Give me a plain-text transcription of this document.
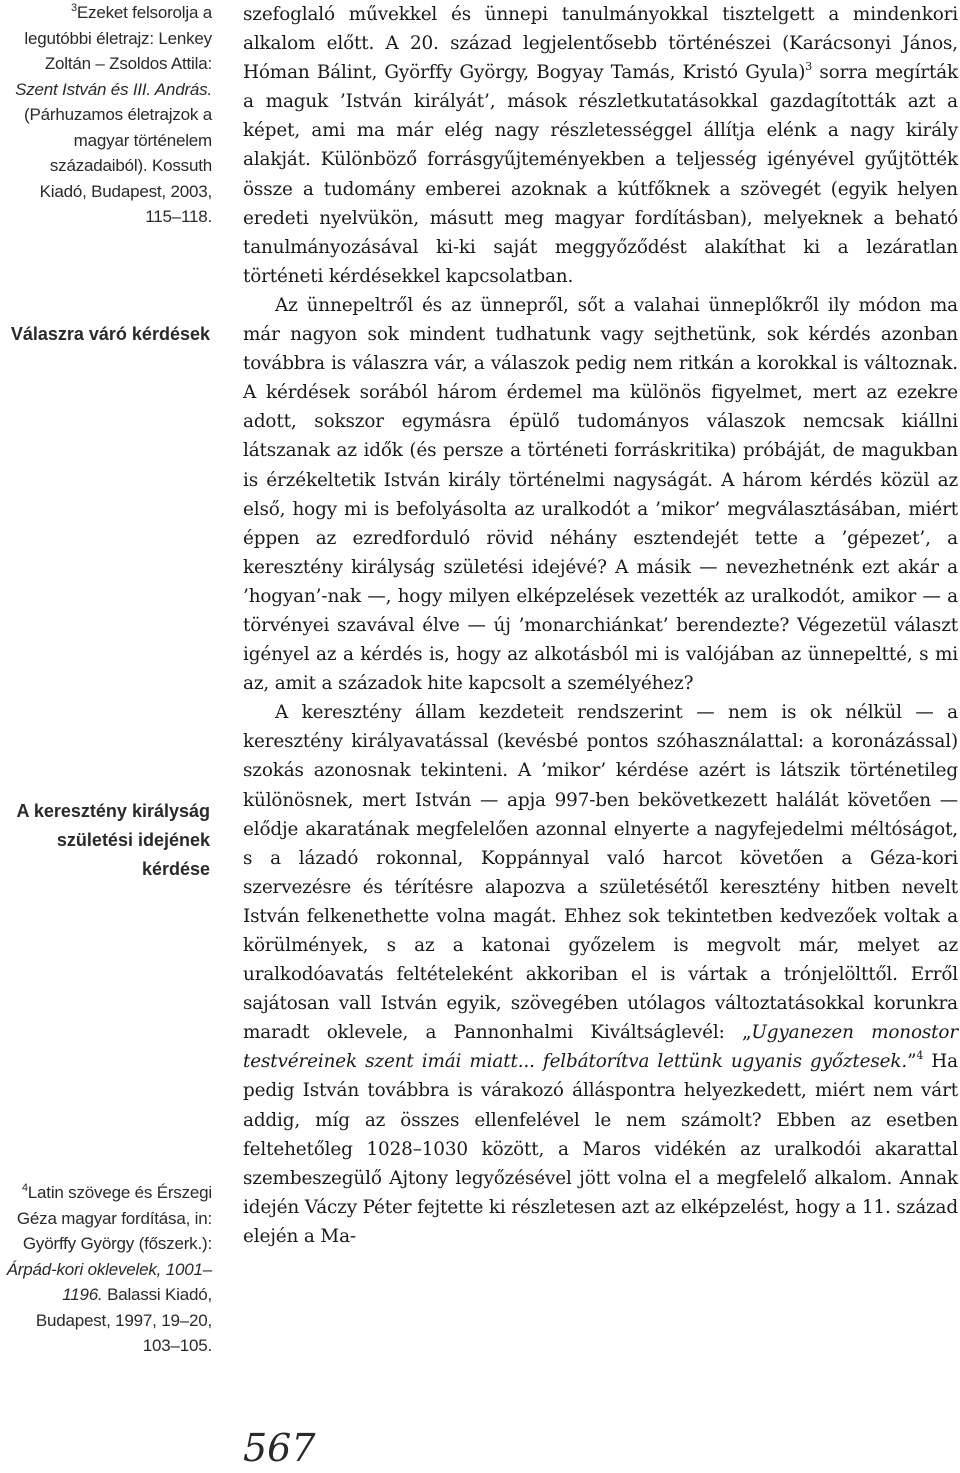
$^3$Ezeket felsorolja a legutóbbi életrajz: Lenkey Zoltán – Zsoldos Attila: Szent István és III. András. (Párhuzamos életrajzok a magyar történelem századaiból). Kossuth Kiadó, Budapest, 2003, 115–118.
Válaszra váró kérdések
A keresztény királyság születési idejének kérdése
$^4$Latin szövege és Érszegi Géza magyar fordítása, in: Györffy György (főszerk.): Árpád-kori oklevelek, 1001–1196. Balassi Kiadó, Budapest, 1997, 19–20, 103–105.

szefoglaló művekkel és ünnepi tanulmányokkal tisztelgett a mindenkori alkalom előtt. A 20. század legjelentősebb történészei (Karácsonyi János, Hóman Bálint, Györffy György, Bogyay Tamás, Kristó Gyula)$^3$ sorra megírták a maguk ’István királyát’, mások részletkutatásokkal gazdagították azt a képet, ami ma már elég nagy részletességgel állítja elénk a nagy király alakját. Különböző forrásgyűjteményekben a teljesség igényével gyűjtötték össze a tudomány emberei azoknak a kútfőknek a szövegét (egyik helyen eredeti nyelvükön, másutt meg magyar fordításban), melyeknek a beható tanulmányozásával ki-ki saját meggyőződést alakíthat ki a lezáratlan történeti kérdésekkel kapcsolatban.

Az ünnepeltről és az ünnepről, sőt a valahai ünneplőkről ily módon ma már nagyon sok mindent tudhatunk vagy sejthetünk, sok kérdés azonban továbbra is válaszra vár, a válaszok pedig nem ritkán a korokkal is változnak. A kérdések sorából három érdemel ma különös figyelmet, mert az ezekre adott, sokszor egymásra épülő tudományos válaszok nemcsak kiállni látszanak az idők (és persze a történeti forráskritika) próbáját, de magukban is érzékeltetik István király történelmi nagyságát. A három kérdés közül az első, hogy mi is befolyásolta az uralkodót a ’mikor’ megválasztásában, miért éppen az ezredforduló rövid néhány esztendejét tette a ’gépezet’, a keresztény királyság születési idejévé? A másik — nevezhetnénk ezt akár a ’hogyan’-nak —, hogy milyen elképzelések vezették az uralkodót, amikor — a törvényei szavával élve — új ’monarchiánkat’ berendezte? Végezetül választ igényel az a kérdés is, hogy az alkotásból mi is valójában az ünnepeltté, s mi az, amit a századok hite kapcsolt a személyéhez?

A keresztény állam kezdeteit rendszerint — nem is ok nélkül — a keresztény királyavatással (kevésbé pontos szóhasználattal: a koronázással) szokás azonosnak tekinteni. A ’mikor’ kérdése azért is látszik történetileg különösnek, mert István — apja 997-ben bekövetkezett halálát követően — elődje akaratának megfelelően azonnal elnyerte a nagyfejedelmi méltóságot, s a lázadó rokonnal, Koppánnyal való harcot követően a Géza-kori szervezésre és térítésre alapozva a születésétől keresztény hitben nevelt István felkenethette volna magát. Ehhez sok tekintetben kedvezőek voltak a körülmények, s az a katonai győzelem is megvolt már, melyet az uralkodóavatás feltételeként akkoriban el is vártak a trónjelölttől. Erről sajátosan vall István egyik, szövegében utólagos változtatásokkal korunkra maradt oklevele, a Pannonhalmi Kiváltságlevél: „Ugyanezen monostor testvéreinek szent imái miatt... felbátorítva lettünk ugyanis győztesek.”$^4$ Ha pedig István továbbra is várakozó álláspontra helyezkedett, miért nem várt addig, míg az összes ellenfelével le nem számolt? Ebben az esetben feltehetőleg 1028–1030 között, a Maros vidékén az uralkodói akarattal szembeszegülő Ajtony legyőzésével jött volna el a megfelelő alkalom. Annak idején Váczy Péter fejtette ki részletesen azt az elképzelést, hogy a 11. század elején a Ma-

567
